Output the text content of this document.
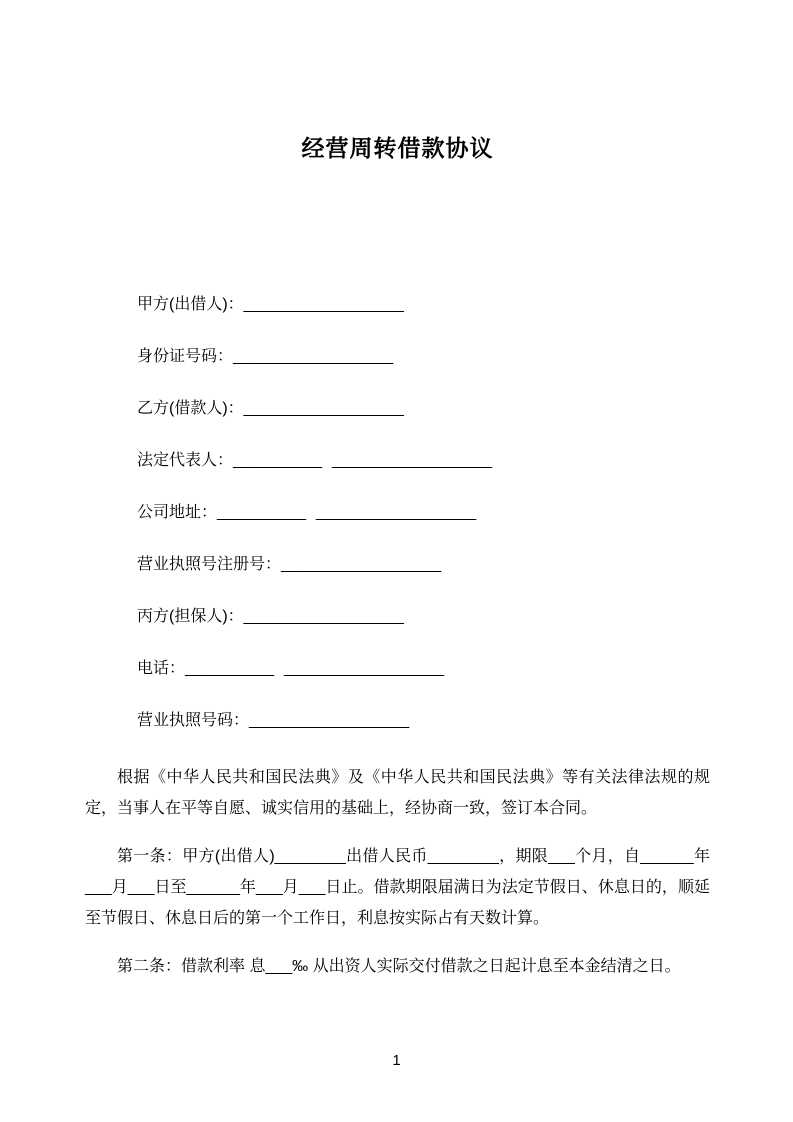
经营周转借款协议
甲方(出借人)：__________________
身份证号码：__________________
乙方(借款人)：__________________
法定代表人：__________ __________________
公司地址：__________ __________________
营业执照号注册号：__________________
丙方(担保人)：__________________
电话：__________ __________________
营业执照号码：__________________

根据《中华人民共和国民法典》及《中华人民共和国民法典》等有关法律法规的规定，当事人在平等自愿、诚实信用的基础上，经协商一致，签订本合同。

第一条：甲方(出借人)________出借人民币________，期限___个月，自______年___月___日至______年___月___日止。借款期限届满日为法定节假日、休息日的，顺延至节假日、休息日后的第一个工作日，利息按实际占有天数计算。

第二条：借款利率 息___‰ 从出资人实际交付借款之日起计息至本金结清之日。

1
